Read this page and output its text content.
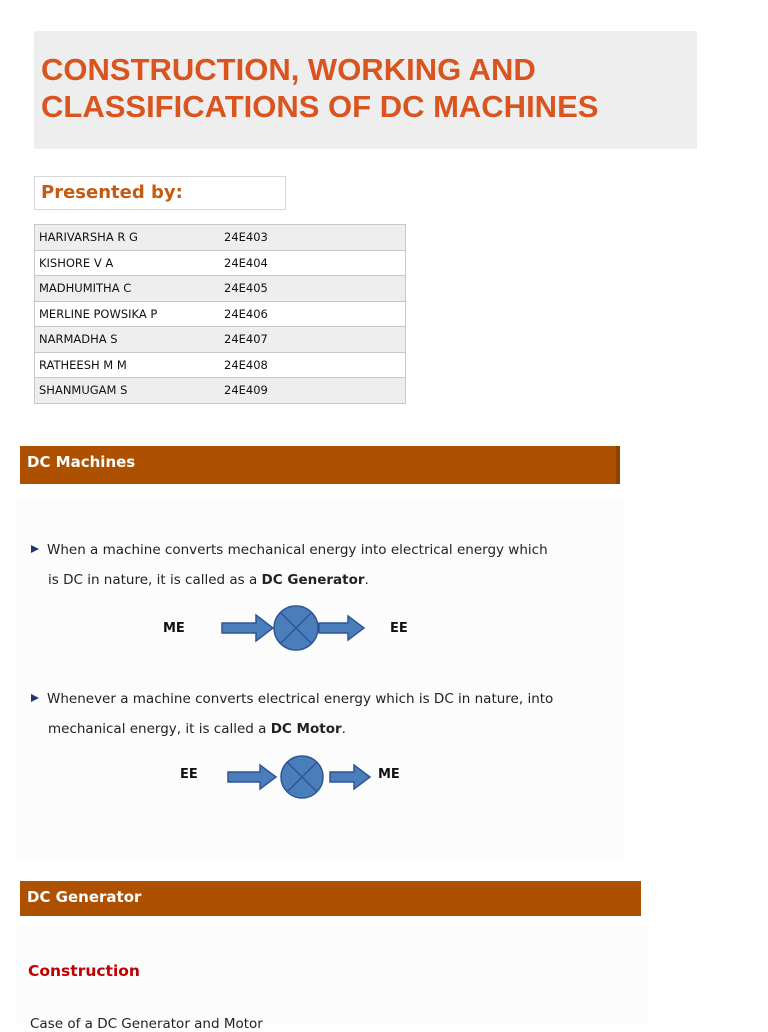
CONSTRUCTION, WORKING AND
CLASSIFICATIONS OF DC MACHINES
Presented by:
HARIVARSHA R G	24E403
KISHORE V A	24E404
MADHUMITHA C	24E405
MERLINE POWSIKA P	24E406
NARMADHA S	24E407
RATHEESH M M	24E408
SHANMUGAM S	24E409
DC Machines
When a machine converts mechanical energy into electrical energy which
is DC in nature, it is called as a DC Generator.
ME	EE
Whenever a machine converts electrical energy which is DC in nature, into
mechanical energy, it is called a DC Motor.
EE	ME
DC Generator
Construction
Case of a DC Generator and Motor
